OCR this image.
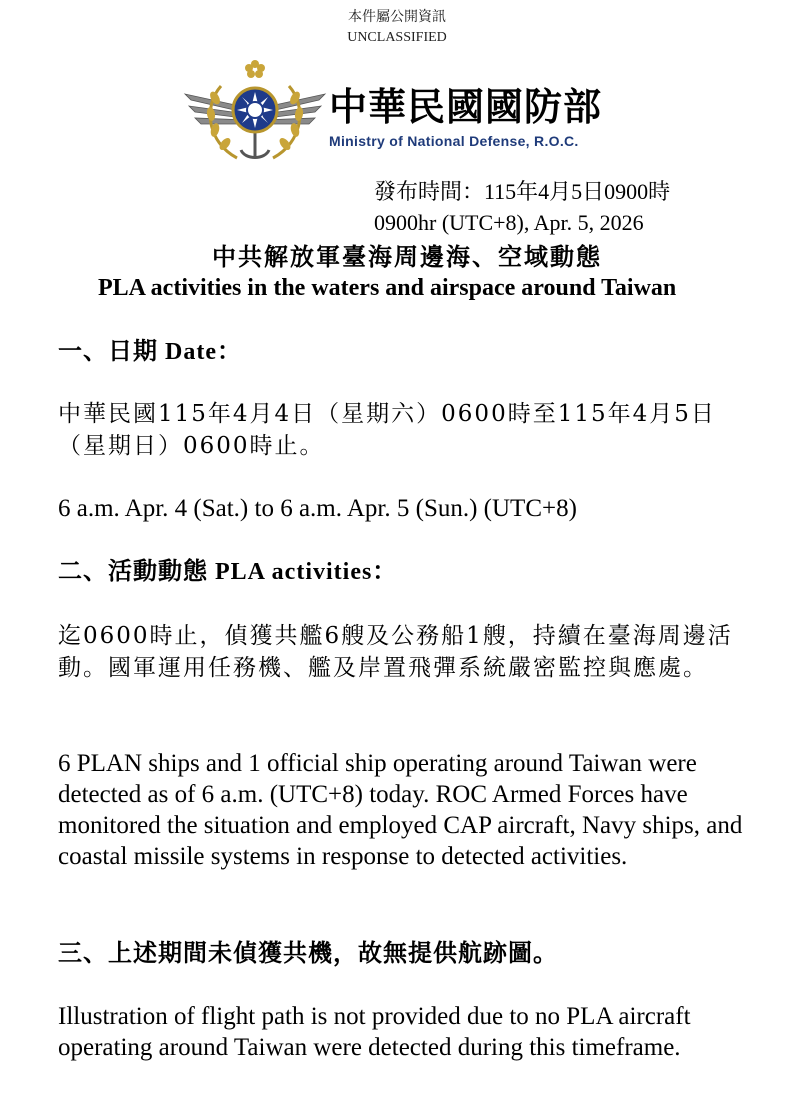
本件屬公開資訊
UNCLASSIFIED
中華民國國防部
Ministry of National Defense, R.O.C.
發布時間：115年4月5日0900時
0900hr (UTC+8), Apr. 5, 2026
中共解放軍臺海周邊海、空域動態
PLA activities in the waters and airspace around Taiwan
一、日期 Date：
中華民國115年4月4日（星期六）0600時至115年4月5日（星期日）0600時止。
6 a.m. Apr. 4 (Sat.) to 6 a.m. Apr. 5 (Sun.) (UTC+8)
二、活動動態 PLA activities：
迄0600時止，偵獲共艦6艘及公務船1艘，持續在臺海周邊活動。國軍運用任務機、艦及岸置飛彈系統嚴密監控與應處。
6 PLAN ships and 1 official ship operating around Taiwan were detected as of 6 a.m. (UTC+8) today. ROC Armed Forces have monitored the situation and employed CAP aircraft, Navy ships, and coastal missile systems in response to detected activities.
三、上述期間未偵獲共機，故無提供航跡圖。
Illustration of flight path is not provided due to no PLA aircraft operating around Taiwan were detected during this timeframe.
